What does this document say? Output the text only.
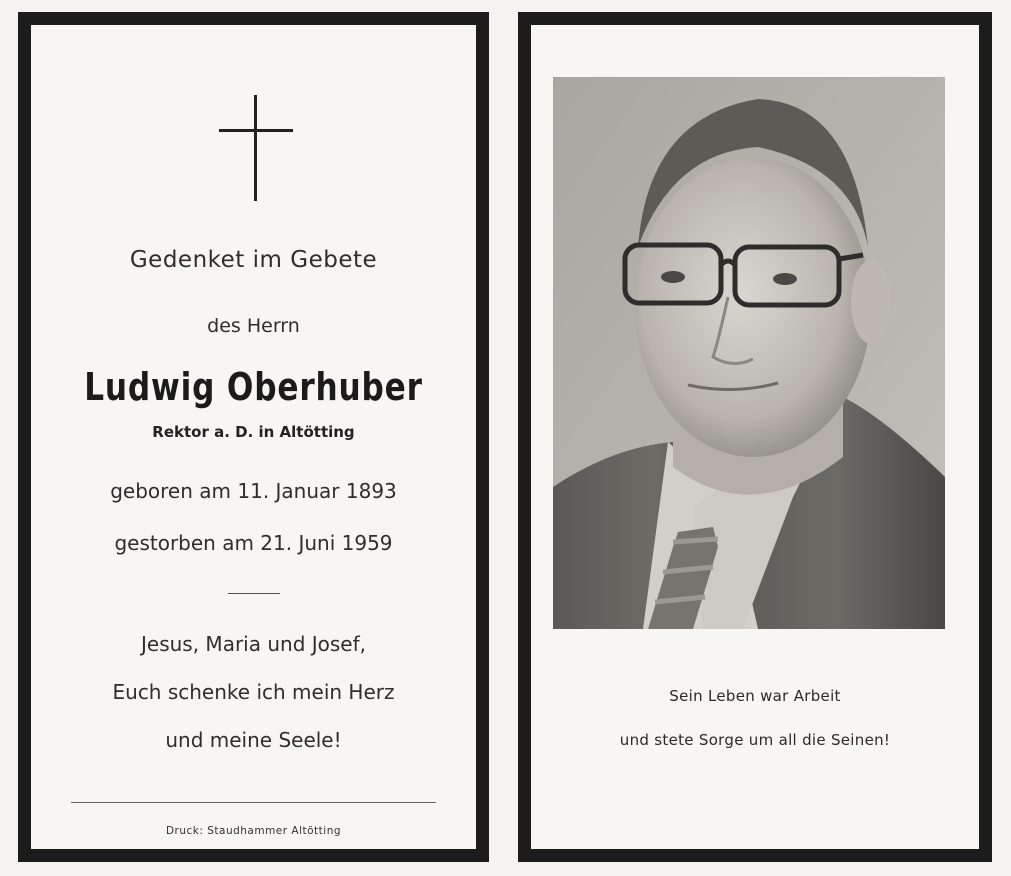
Gedenket im Gebete
des Herrn
Ludwig Oberhuber
Rektor a. D. in Altötting
geboren am 11. Januar 1893
gestorben am 21. Juni 1959
Jesus, Maria und Josef,
Euch schenke ich mein Herz
und meine Seele!
Druck: Staudhammer Altötting
Sein Leben war Arbeit
und stete Sorge um all die Seinen!
